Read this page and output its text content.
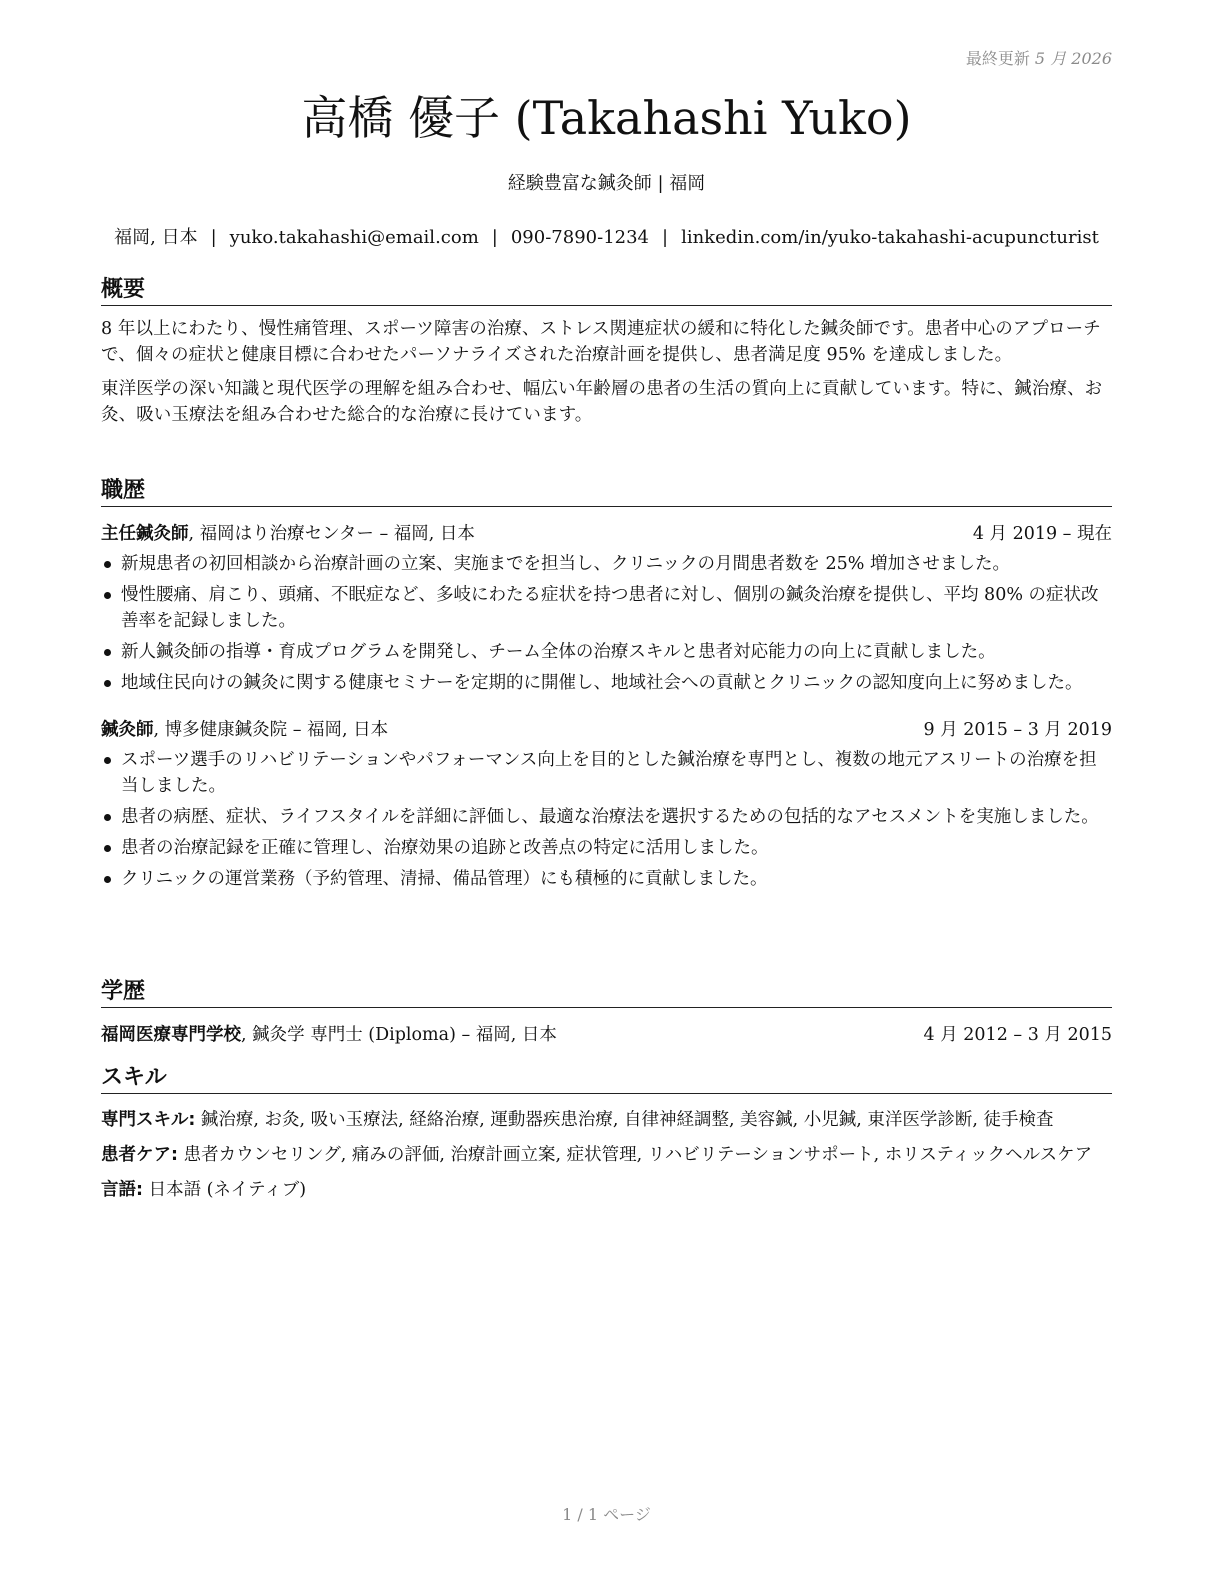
最終更新 5 月 2026
高橋 優子 (Takahashi Yuko)
経験豊富な鍼灸師 | 福岡
福岡, 日本 | yuko.takahashi@email.com | 090-7890-1234 | linkedin.com/in/yuko-takahashi-acupuncturist
概要

8 年以上にわたり、慢性痛管理、スポーツ障害の治療、ストレス関連症状の緩和に特化した鍼灸師です。患者中心のアプローチで、個々の症状と健康目標に合わせたパーソナライズされた治療計画を提供し、患者満足度 95% を達成しました。

東洋医学の深い知識と現代医学の理解を組み合わせ、幅広い年齢層の患者の生活の質向上に貢献しています。特に、鍼治療、お灸、吸い玉療法を組み合わせた総合的な治療に長けています。

職歴
主任鍼灸師, 福岡はり治療センター – 福岡, 日本	4 月 2019 – 現在
新規患者の初回相談から治療計画の立案、実施までを担当し、クリニックの月間患者数を 25% 増加させました。
慢性腰痛、肩こり、頭痛、不眠症など、多岐にわたる症状を持つ患者に対し、個別の鍼灸治療を提供し、平均 80% の症状改善率を記録しました。
新人鍼灸師の指導・育成プログラムを開発し、チーム全体の治療スキルと患者対応能力の向上に貢献しました。
地域住民向けの鍼灸に関する健康セミナーを定期的に開催し、地域社会への貢献とクリニックの認知度向上に努めました。
鍼灸師, 博多健康鍼灸院 – 福岡, 日本	9 月 2015 – 3 月 2019
スポーツ選手のリハビリテーションやパフォーマンス向上を目的とした鍼治療を専門とし、複数の地元アスリートの治療を担当しました。
患者の病歴、症状、ライフスタイルを詳細に評価し、最適な治療法を選択するための包括的なアセスメントを実施しました。
患者の治療記録を正確に管理し、治療効果の追跡と改善点の特定に活用しました。
クリニックの運営業務（予約管理、清掃、備品管理）にも積極的に貢献しました。
学歴
福岡医療専門学校, 鍼灸学 専門士 (Diploma) – 福岡, 日本	4 月 2012 – 3 月 2015
スキル

専門スキル: 鍼治療, お灸, 吸い玉療法, 経絡治療, 運動器疾患治療, 自律神経調整, 美容鍼, 小児鍼, 東洋医学診断, 徒手検査

患者ケア: 患者カウンセリング, 痛みの評価, 治療計画立案, 症状管理, リハビリテーションサポート, ホリスティックヘルスケア

言語: 日本語 (ネイティブ)

1 / 1 ページ
